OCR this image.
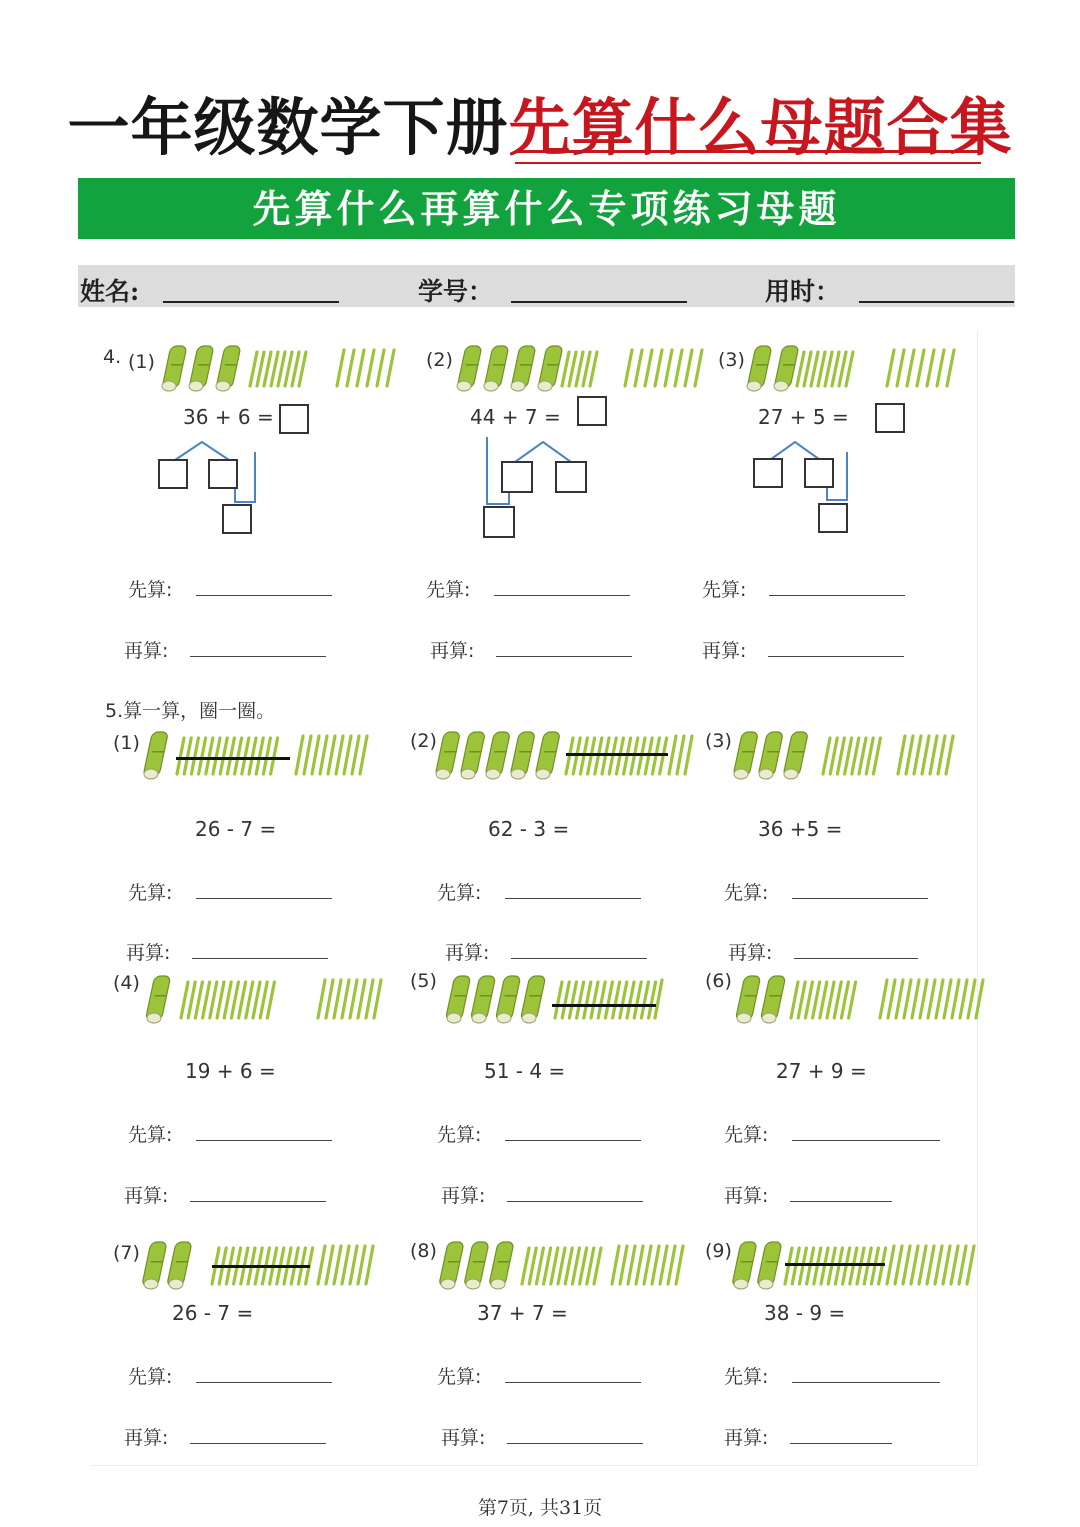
一年级数学下册先算什么母题合集
先算什么再算什么专项练习母题
姓名:	学号：	用时：
4. (1)
36 + 6 =
先算:
再算:
(2)
44 + 7 =
先算:
再算:
(3)
27 + 5 =
先算:
再算:
5.算一算，圈一圈。
(1)	(2)	(3)
26 - 7 =	62 - 3 =	36 +5 =
先算:	先算:	先算:
再算:	再算:	再算:
(4)	(5)	(6)
19 + 6 =	51 - 4 =	27 + 9 =
先算:	先算:	先算:
再算:	再算:	再算:
(7)	(8)	(9)
26 - 7 =	37 + 7 =	38 - 9 =
先算:	先算:	先算:
再算:	再算:	再算:
第7页, 共31页
